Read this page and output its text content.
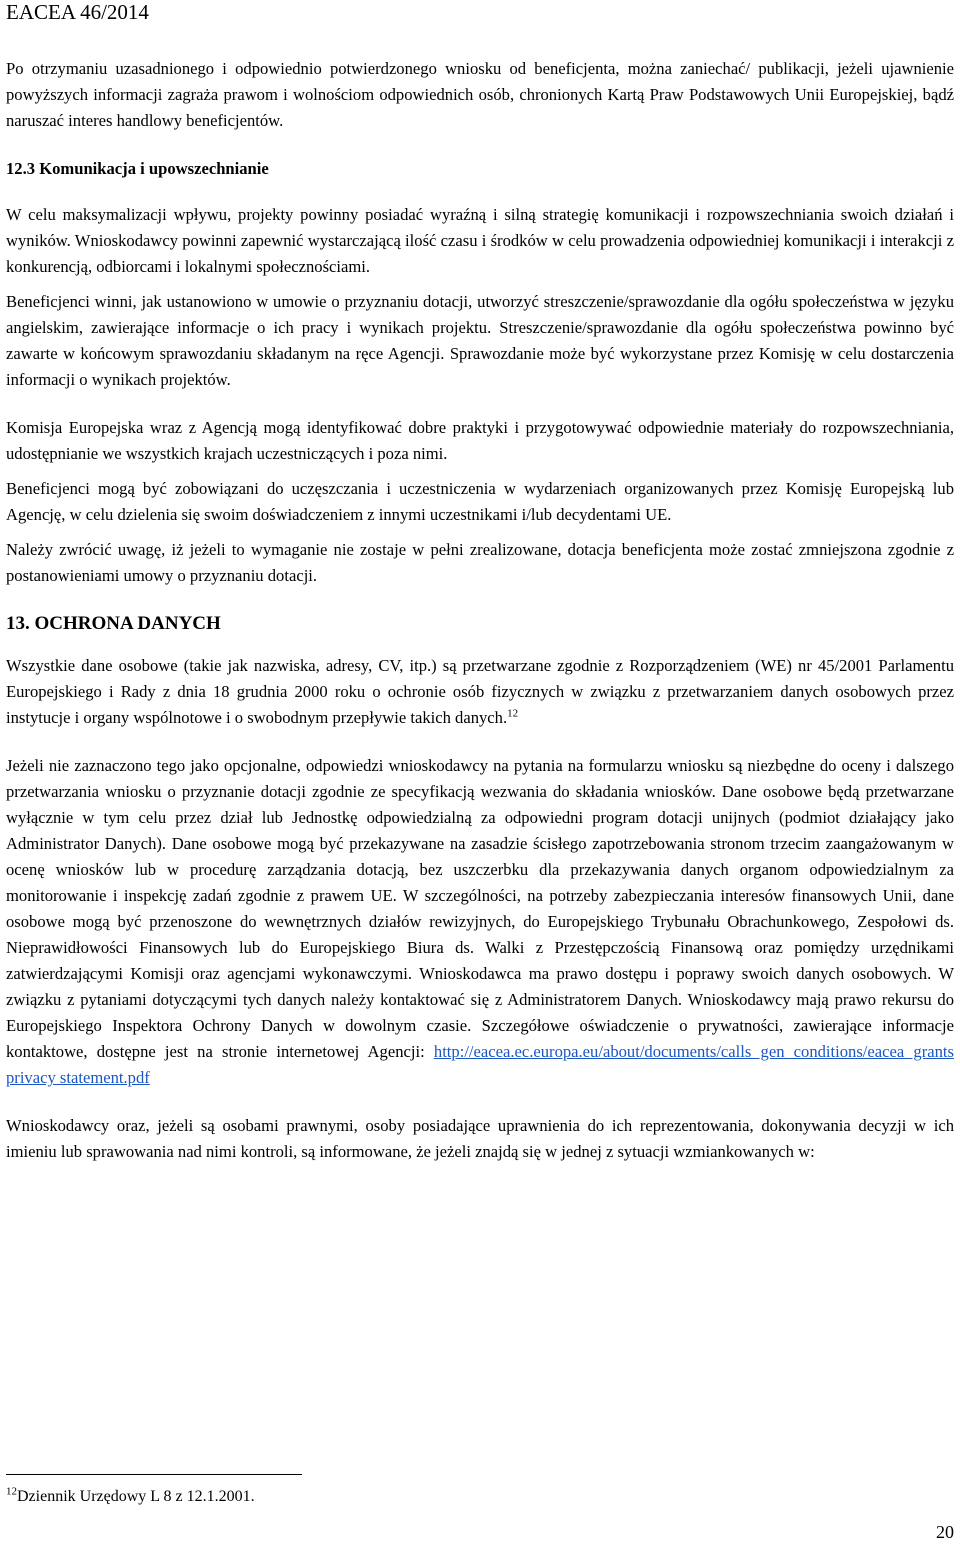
EACEA 46/2014

Po otrzymaniu uzasadnionego i odpowiednio potwierdzonego wniosku od beneficjenta, można zaniechać/ publikacji, jeżeli ujawnienie powyższych informacji zagraża prawom i wolnościom odpowiednich osób, chronionych Kartą Praw Podstawowych Unii Europejskiej, bądź naruszać interes handlowy beneficjentów.

12.3 Komunikacja i upowszechnianie

W celu maksymalizacji wpływu, projekty powinny posiadać wyraźną i silną strategię komunikacji i rozpowszechniania swoich działań i wyników. Wnioskodawcy powinni zapewnić wystarczającą ilość czasu i środków w celu prowadzenia odpowiedniej komunikacji i interakcji z konkurencją, odbiorcami i lokalnymi społecznościami.

Beneficjenci winni, jak ustanowiono w umowie o przyznaniu dotacji, utworzyć streszczenie/sprawozdanie dla ogółu społeczeństwa w języku angielskim, zawierające informacje o ich pracy i wynikach projektu. Streszczenie/sprawozdanie dla ogółu społeczeństwa powinno być zawarte w końcowym sprawozdaniu składanym na ręce Agencji. Sprawozdanie może być wykorzystane przez Komisję w celu dostarczenia informacji o wynikach projektów.

Komisja Europejska wraz z Agencją mogą identyfikować dobre praktyki i przygotowywać odpowiednie materiały do rozpowszechniania, udostępnianie we wszystkich krajach uczestniczących i poza nimi.

Beneficjenci mogą być zobowiązani do uczęszczania i uczestniczenia w wydarzeniach organizowanych przez Komisję Europejską lub Agencję, w celu dzielenia się swoim doświadczeniem z innymi uczestnikami i/lub decydentami UE.

Należy zwrócić uwagę, iż jeżeli to wymaganie nie zostaje w pełni zrealizowane, dotacja beneficjenta może zostać zmniejszona zgodnie z postanowieniami umowy o przyznaniu dotacji.

13. OCHRONA DANYCH

Wszystkie dane osobowe (takie jak nazwiska, adresy, CV, itp.) są przetwarzane zgodnie z Rozporządzeniem (WE) nr 45/2001 Parlamentu Europejskiego i Rady z dnia 18 grudnia 2000 roku o ochronie osób fizycznych w związku z przetwarzaniem danych osobowych przez instytucje i organy wspólnotowe i o swobodnym przepływie takich danych.$^{12}$

Jeżeli nie zaznaczono tego jako opcjonalne, odpowiedzi wnioskodawcy na pytania na formularzu wniosku są niezbędne do oceny i dalszego przetwarzania wniosku o przyznanie dotacji zgodnie ze specyfikacją wezwania do składania wniosków. Dane osobowe będą przetwarzane wyłącznie w tym celu przez dział lub Jednostkę odpowiedzialną za odpowiedni program dotacji unijnych (podmiot działający jako Administrator Danych). Dane osobowe mogą być przekazywane na zasadzie ścisłego zapotrzebowania stronom trzecim zaangażowanym w ocenę wniosków lub w procedurę zarządzania dotacją, bez uszczerbku dla przekazywania danych organom odpowiedzialnym za monitorowanie i inspekcję zadań zgodnie z prawem UE. W szczególności, na potrzeby zabezpieczania interesów finansowych Unii, dane osobowe mogą być przenoszone do wewnętrznych działów rewizyjnych, do Europejskiego Trybunału Obrachunkowego, Zespołowi ds. Nieprawidłowości Finansowych lub do Europejskiego Biura ds. Walki z Przestępczością Finansową oraz pomiędzy urzędnikami zatwierdzającymi Komisji oraz agencjami wykonawczymi. Wnioskodawca ma prawo dostępu i poprawy swoich danych osobowych. W związku z pytaniami dotyczącymi tych danych należy kontaktować się z Administratorem Danych. Wnioskodawcy mają prawo rekursu do Europejskiego Inspektora Ochrony Danych w dowolnym czasie. Szczegółowe oświadczenie o prywatności, zawierające informacje kontaktowe, dostępne jest na stronie internetowej Agencji: http://eacea.ec.europa.eu/about/documents/calls gen conditions/eacea grants privacy statement.pdf

Wnioskodawcy oraz, jeżeli są osobami prawnymi, osoby posiadające uprawnienia do ich reprezentowania, dokonywania decyzji w ich imieniu lub sprawowania nad nimi kontroli, są informowane, że jeżeli znajdą się w jednej z sytuacji wzmiankowanych w:

$^{12}$Dziennik Urzędowy L 8 z 12.1.2001.
20
